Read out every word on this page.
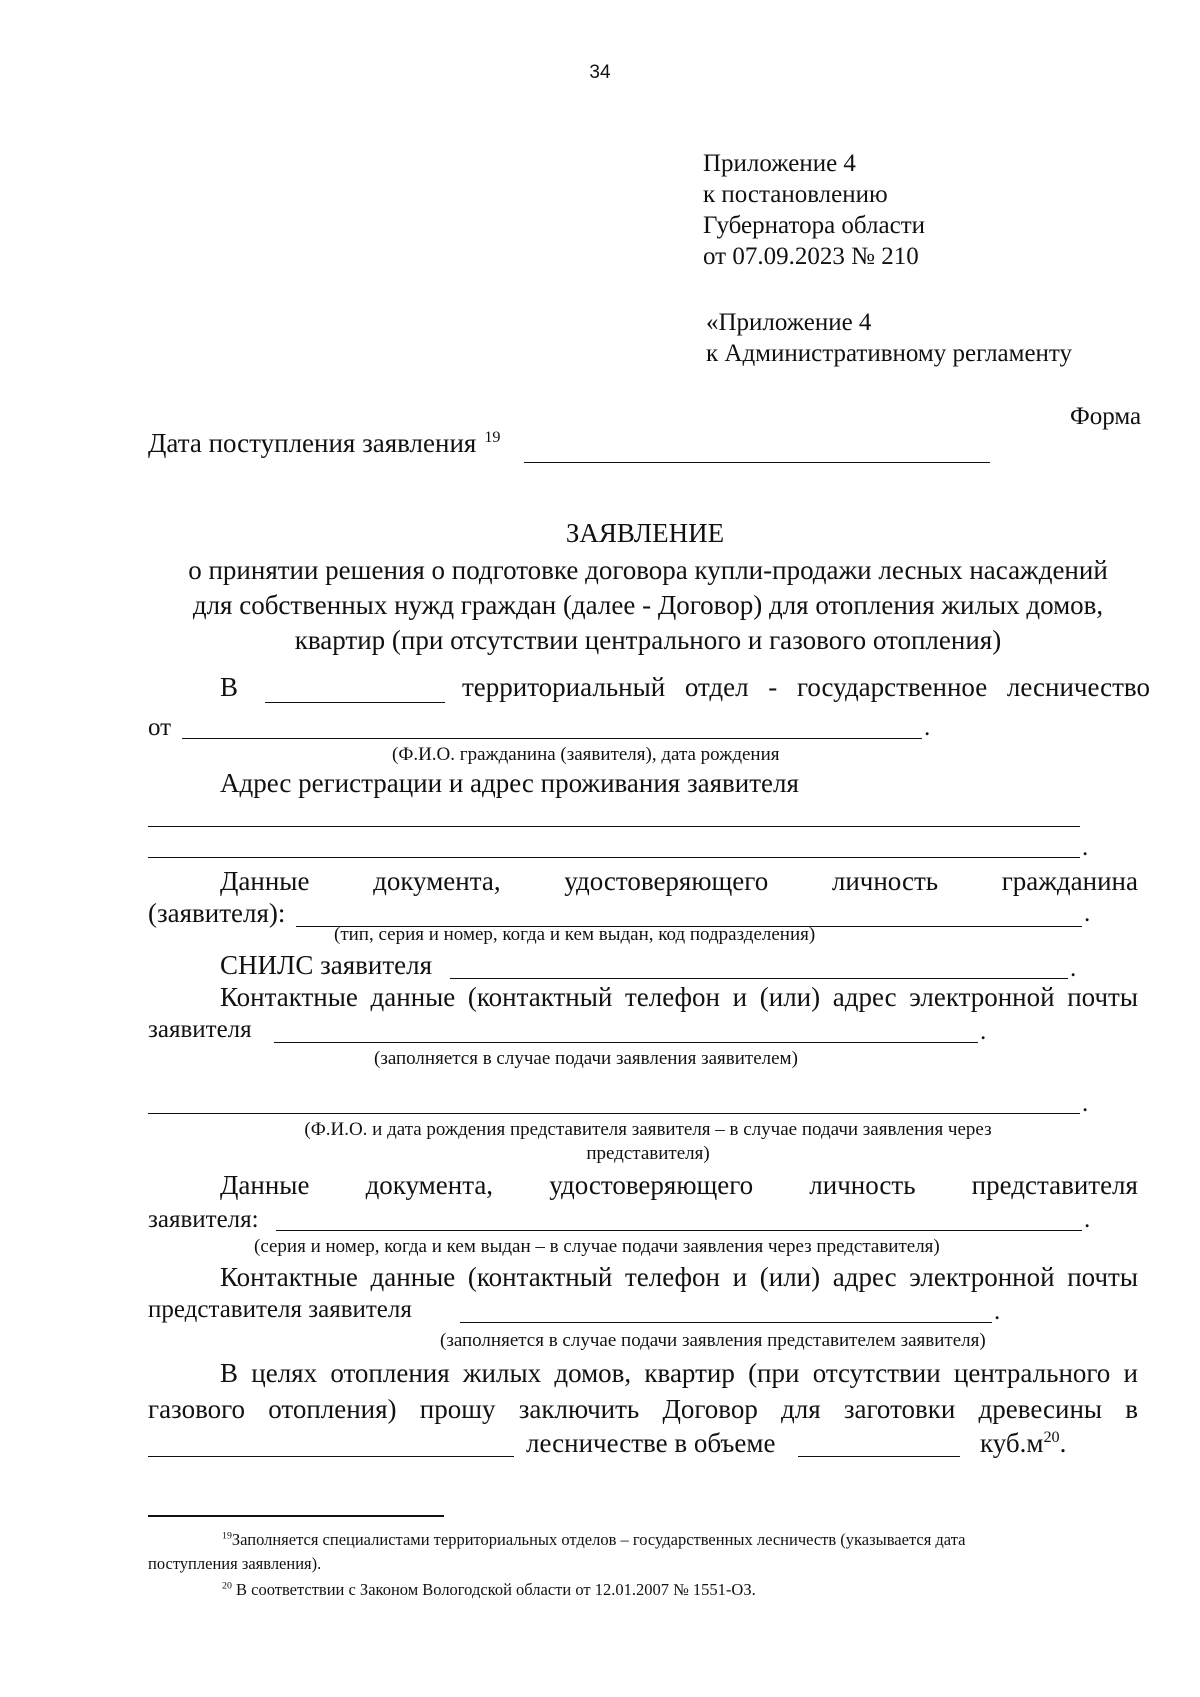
34
Приложение 4
к постановлению
Губернатора области
от 07.09.2023 № 210
«Приложение 4
к Административному регламенту
Форма
Дата поступления заявления $^{19}$
ЗАЯВЛЕНИЕ
о принятии решения о подготовке договора купли-продажи лесных насаждений
для собственных нужд граждан (далее - Договор) для отопления жилых домов,
квартир (при отсутствии центрального и газового отопления)
В	территориальный отдел - государственное лесничество
от	.
(Ф.И.О. гражданина (заявителя), дата рождения
Адрес регистрации и адрес проживания заявителя
.
Данные документа, удостоверяющего личность гражданина
(заявителя):	.
(тип, серия и номер, когда и кем выдан, код подразделения)
СНИЛС заявителя	.
Контактные данные (контактный телефон и (или) адрес электронной почты
заявителя	.
(заполняется в случае подачи заявления заявителем)
.
(Ф.И.О. и дата рождения представителя заявителя – в случае подачи заявления через
представителя)
Данные документа, удостоверяющего личность представителя
заявителя:	.
(серия и номер, когда и кем выдан – в случае подачи заявления через представителя)
Контактные данные (контактный телефон и (или) адрес электронной почты
представителя заявителя	.
(заполняется в случае подачи заявления представителем заявителя)
В целях отопления жилых домов, квартир (при отсутствии центрального и
газового отопления) прошу заключить Договор для заготовки древесины в
лесничестве в объеме	$куб.м^{20}$.
$^{19}$Заполняется специалистами территориальных отделов – государственных лесничеств (указывается дата
поступления заявления).
$^{20}$ В соответствии с Законом Вологодской области от 12.01.2007 № 1551-ОЗ.
